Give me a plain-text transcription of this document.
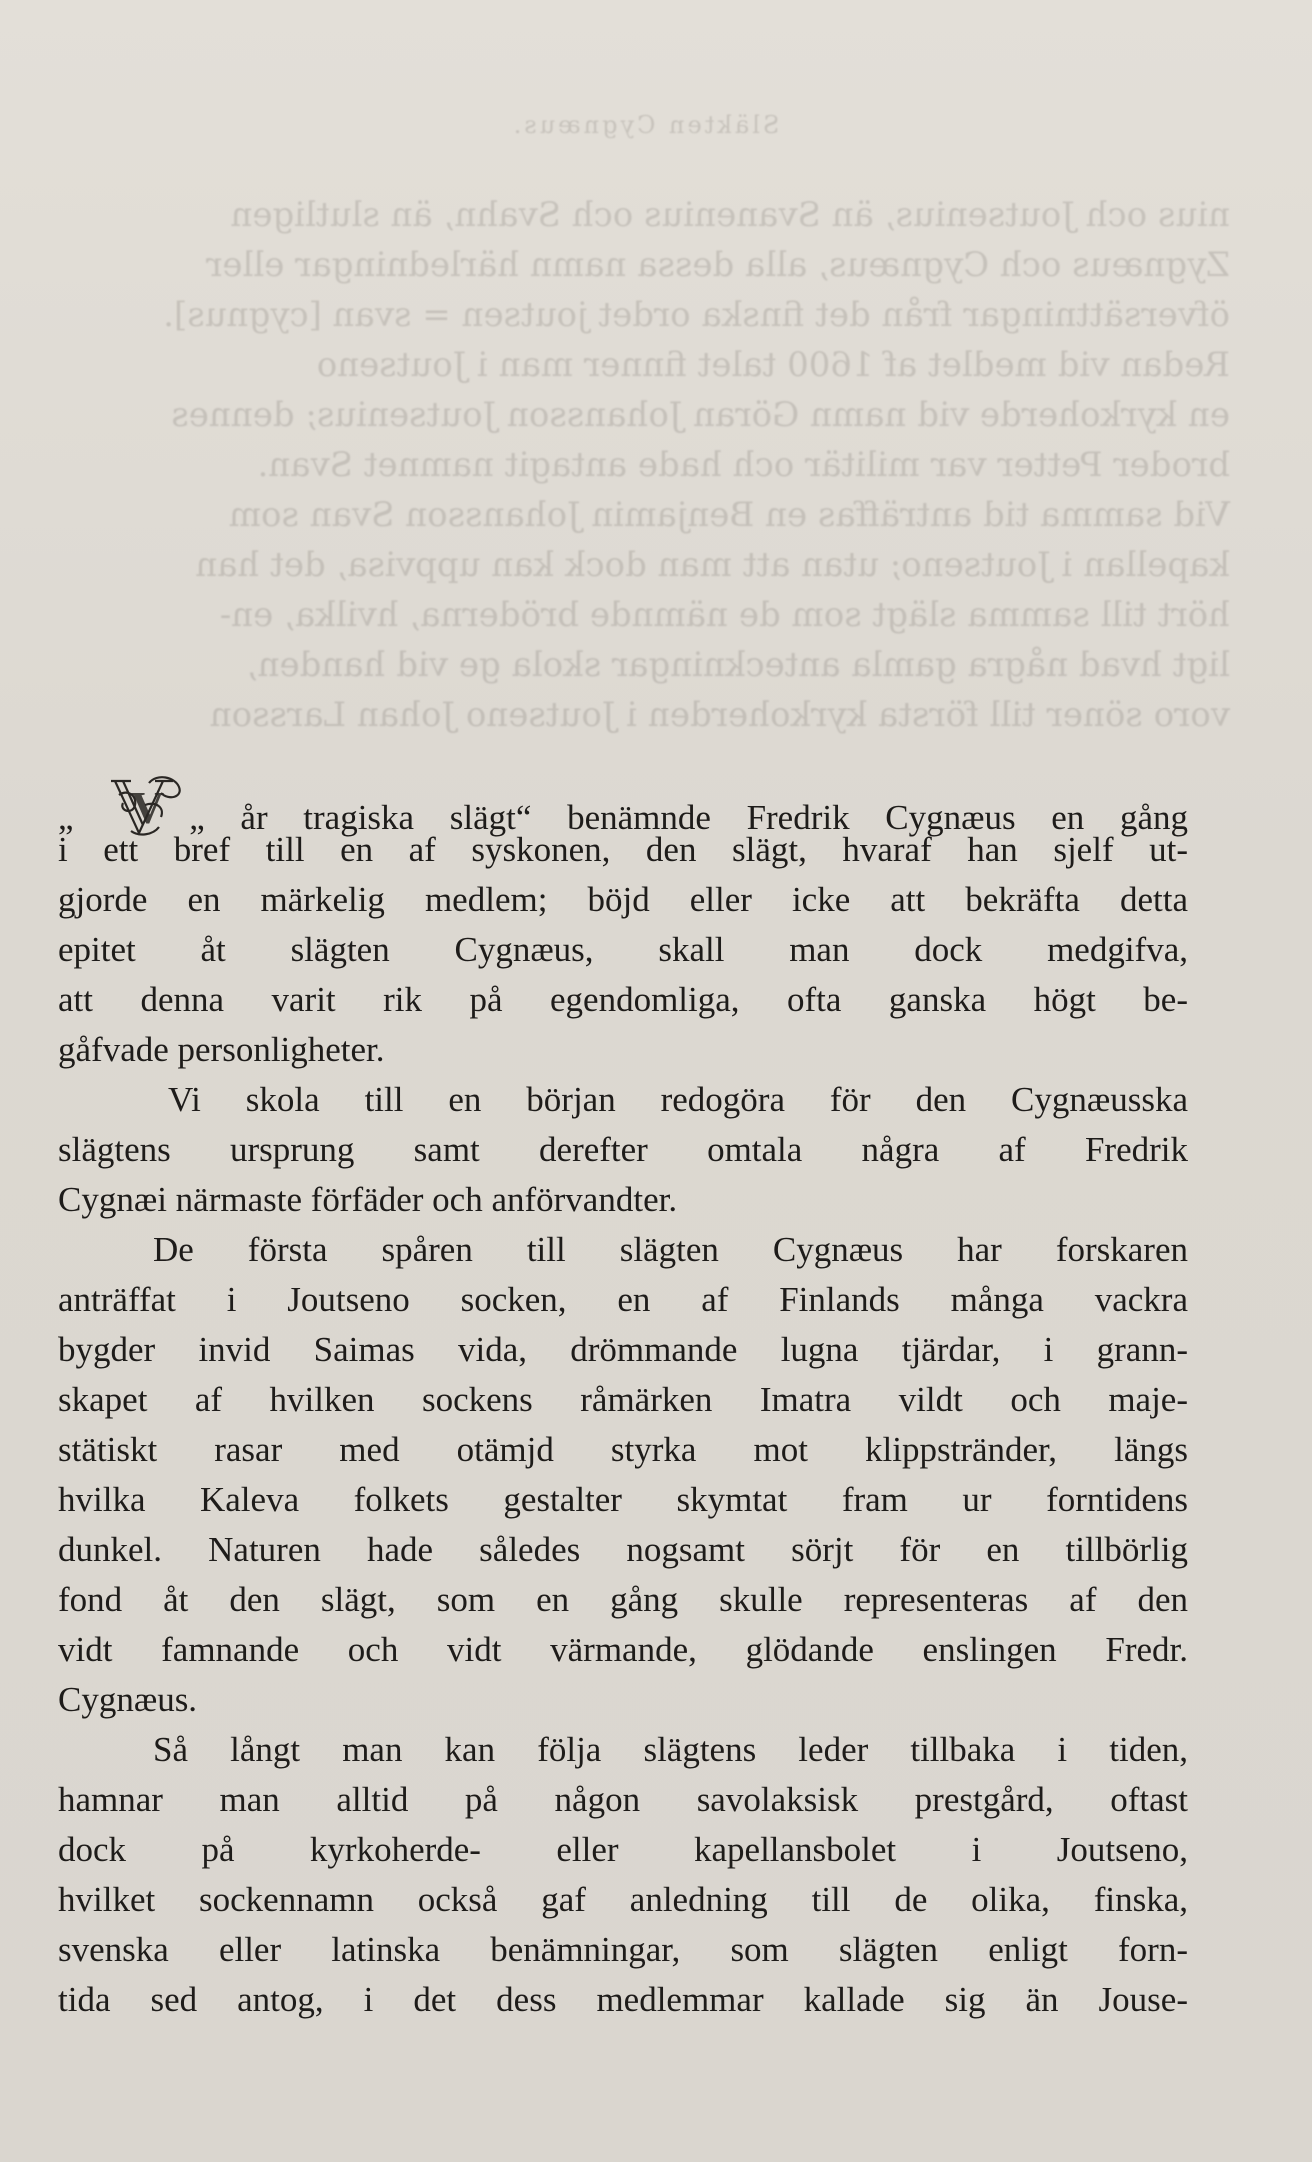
Släkten Cygnæus.
nius och Joutsenius, än Svanenius och Svahn, än slutligen
Zygnæus och Cygnæus, alla dessa namn härledningar eller
öfversättningar från det finska ordet joutsen = svan [cygnus].
Redan vid medlet af 1600 talet finner man i Joutseno
en kyrkoherde vid namn Göran Johansson Joutsenius; dennes
broder Petter var militär och hade antagit namnet Svan.
Vid samma tid anträffas en Benjamin Johansson Svan som
kapellan i Joutseno; utan att man dock kan uppvisa, det han
hört till samma slägt som de nämnde bröderna, hvilka, en-
ligt hvad några gamla anteckningar skola ge vid handen,
voro söner till första kyrkoherden i Joutseno Johan Larsson
„ V „ år tragiska slägt“ benämnde Fredrik Cygnæus en gång
i ett bref till en af syskonen, den slägt, hvaraf han sjelf ut-
gjorde en märkelig medlem; böjd eller icke att bekräfta detta
epitet åt slägten Cygnæus, skall man dock medgifva,
att denna varit rik på egendomliga, ofta ganska högt be-
gåfvade personligheter.
Vi skola till en början redogöra för den Cygnæusska
slägtens ursprung samt derefter omtala några af Fredrik
Cygnæi närmaste förfäder och anförvandter.
De första spåren till slägten Cygnæus har forskaren
anträffat i Joutseno socken, en af Finlands många vackra
bygder invid Saimas vida, drömmande lugna tjärdar, i grann-
skapet af hvilken sockens råmärken Imatra vildt och maje-
stätiskt rasar med otämjd styrka mot klippstränder, längs
hvilka Kaleva folkets gestalter skymtat fram ur forntidens
dunkel. Naturen hade således nogsamt sörjt för en tillbörlig
fond åt den slägt, som en gång skulle representeras af den
vidt famnande och vidt värmande, glödande enslingen Fredr.
Cygnæus.
Så långt man kan följa slägtens leder tillbaka i tiden,
hamnar man alltid på någon savolaksisk prestgård, oftast
dock på kyrkoherde- eller kapellansbolet i Joutseno,
hvilket sockennamn också gaf anledning till de olika, finska,
svenska eller latinska benämningar, som slägten enligt forn-
tida sed antog, i det dess medlemmar kallade sig än Jouse-
